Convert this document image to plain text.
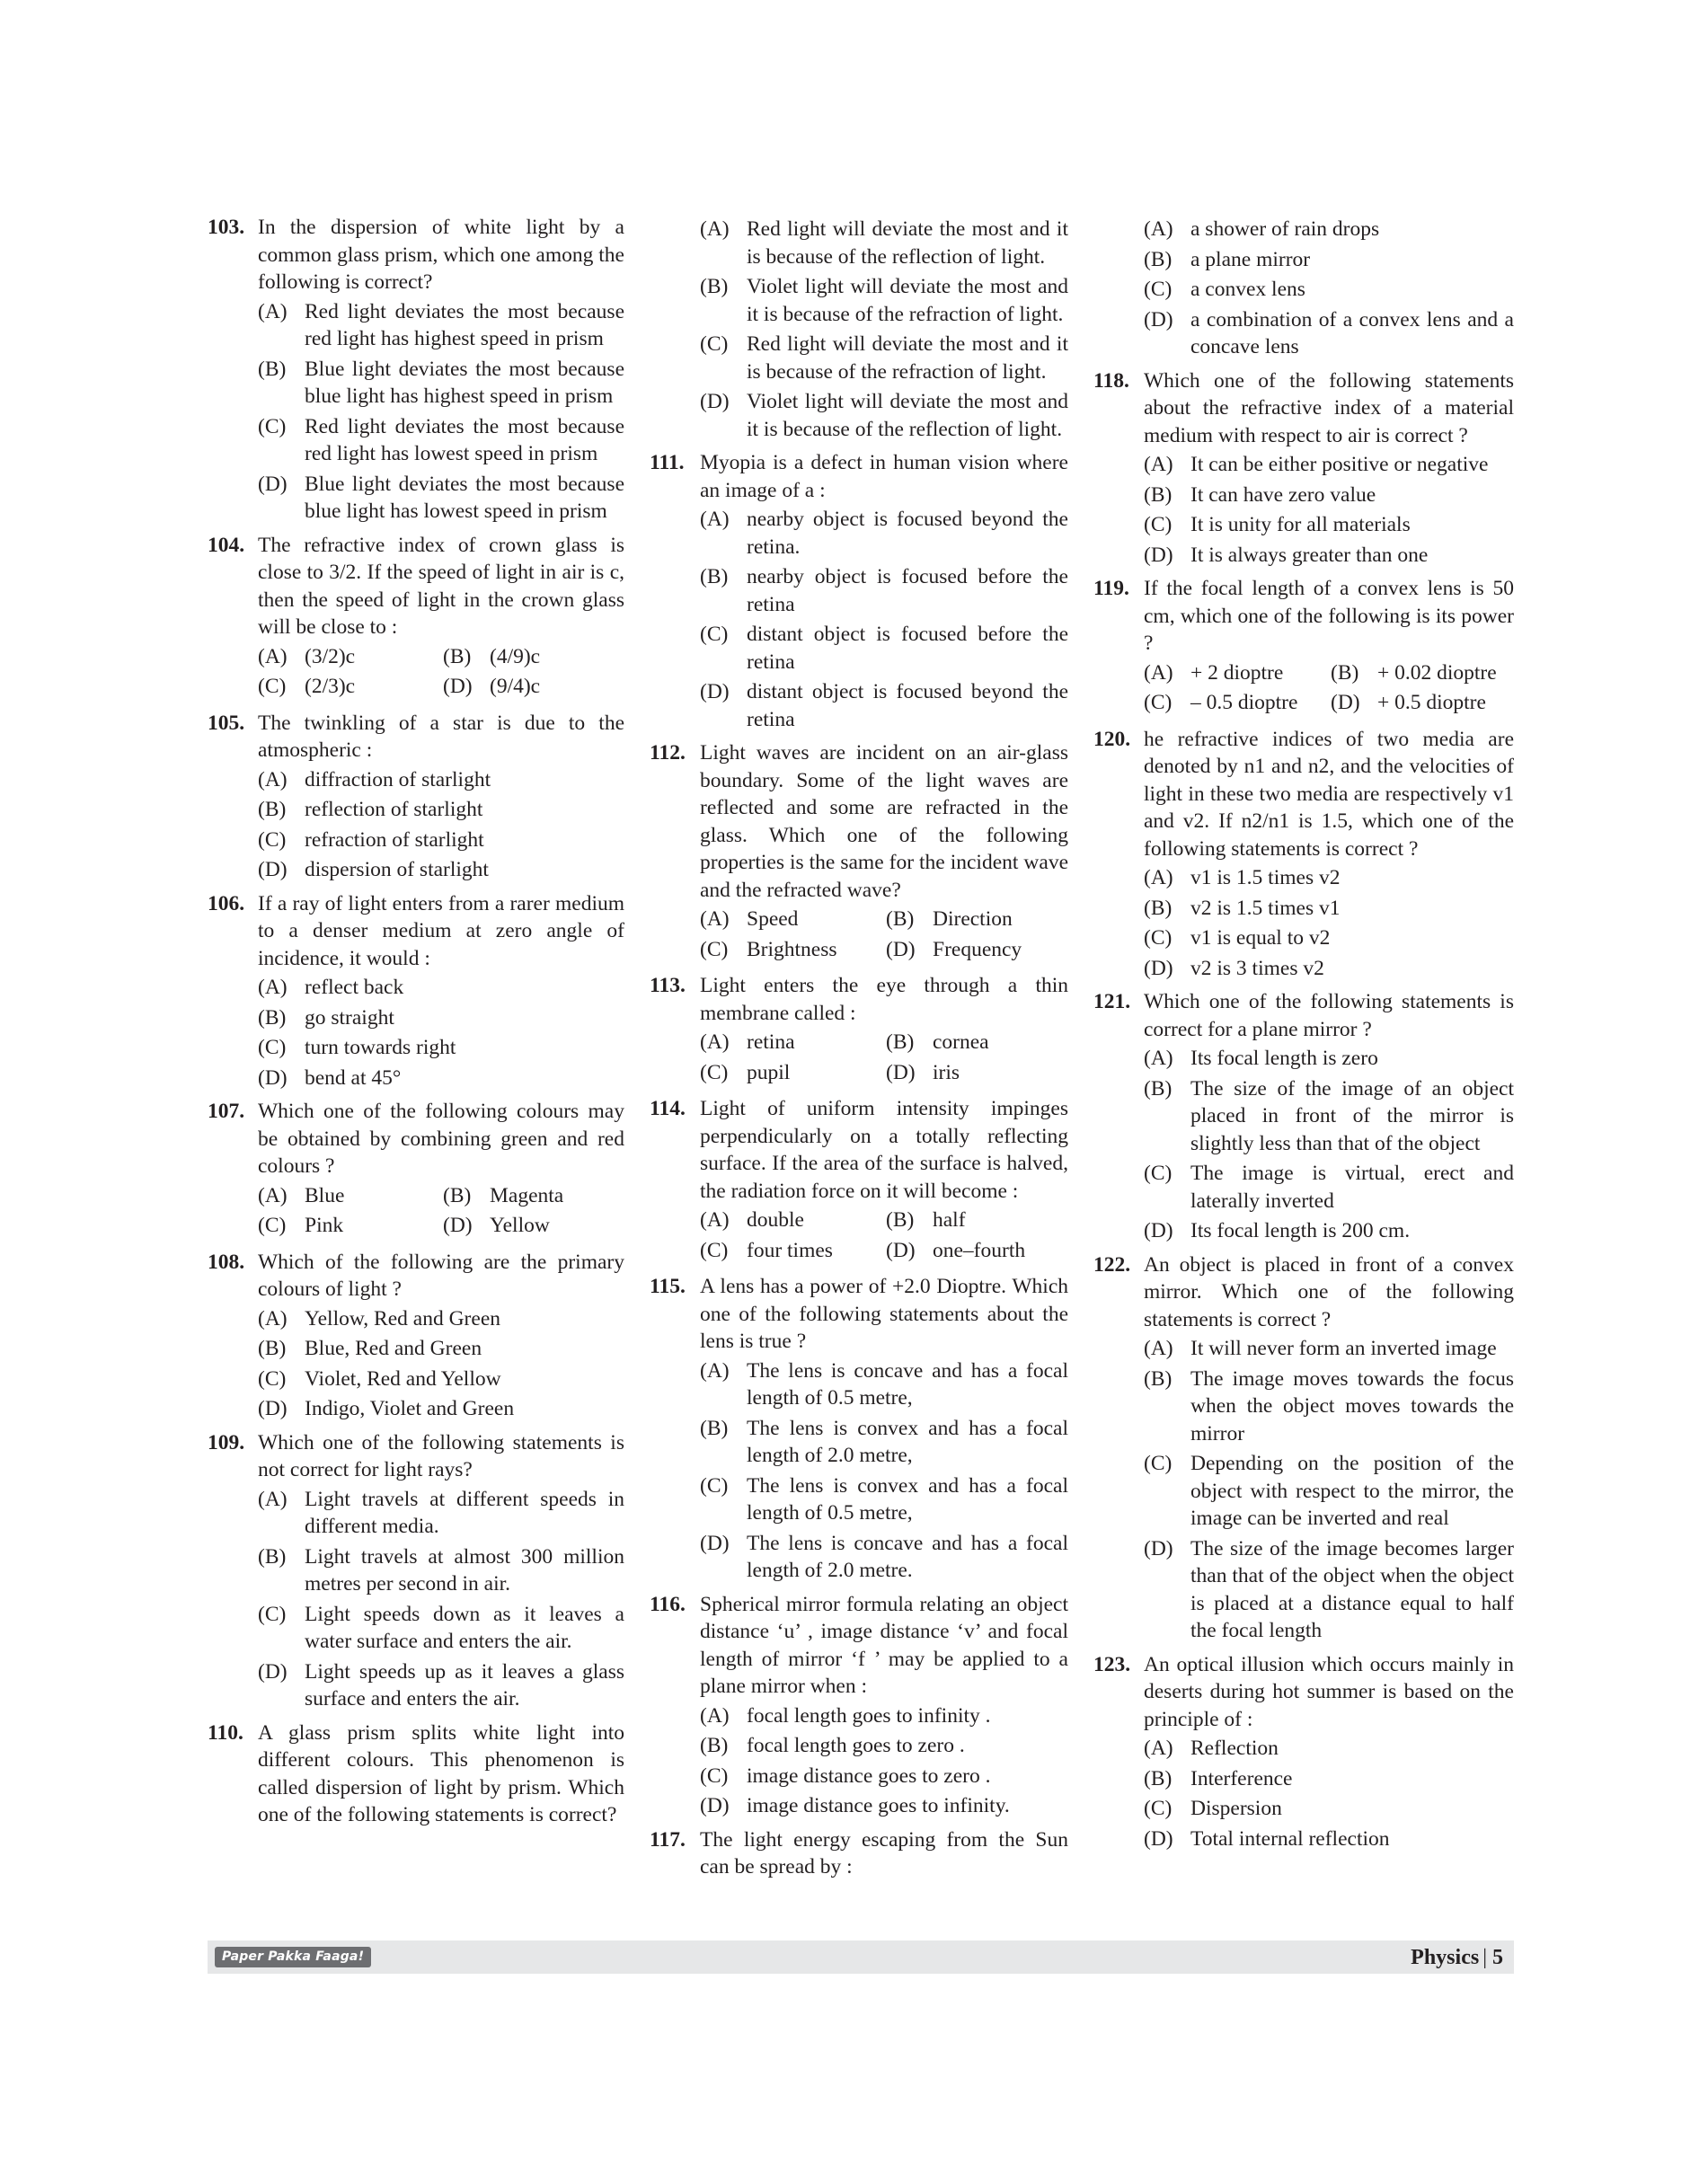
103. In the dispersion of white light by a common glass prism, which one among the following is correct?
(A) Red light deviates the most because red light has highest speed in prism
(B) Blue light deviates the most because blue light has highest speed in prism
(C) Red light deviates the most because red light has lowest speed in prism
(D) Blue light deviates the most because blue light has lowest speed in prism
104. The refractive index of crown glass is close to 3/2. If the speed of light in air is c, then the speed of light in the crown glass will be close to :
(A) (3/2)c	(B) (4/9)c
(C) (2/3)c	(D) (9/4)c
105. The twinkling of a star is due to the atmospheric :
(A) diffraction of starlight
(B) reflection of starlight
(C) refraction of starlight
(D) dispersion of starlight
106. If a ray of light enters from a rarer medium to a denser medium at zero angle of incidence, it would :
(A) reflect back
(B) go straight
(C) turn towards right
(D) bend at 45°
107. Which one of the following colours may be obtained by combining green and red colours ?
(A) Blue	(B) Magenta
(C) Pink	(D) Yellow
108. Which of the following are the primary colours of light ?
(A) Yellow, Red and Green
(B) Blue, Red and Green
(C) Violet, Red and Yellow
(D) Indigo, Violet and Green
109. Which one of the following statements is not correct for light rays?
(A) Light travels at different speeds in different media.
(B) Light travels at almost 300 million metres per second in air.
(C) Light speeds down as it leaves a water surface and enters the air.
(D) Light speeds up as it leaves a glass surface and enters the air.
110. A glass prism splits white light into different colours. This phenomenon is called dispersion of light by prism. Which one of the following statements is correct?
(A) Red light will deviate the most and it is because of the reflection of light.
(B) Violet light will deviate the most and it is because of the refraction of light.
(C) Red light will deviate the most and it is because of the refraction of light.
(D) Violet light will deviate the most and it is because of the reflection of light.
111. Myopia is a defect in human vision where an image of a :
(A) nearby object is focused beyond the retina.
(B) nearby object is focused before the retina
(C) distant object is focused before the retina
(D) distant object is focused beyond the retina
112. Light waves are incident on an air-glass boundary. Some of the light waves are reflected and some are refracted in the glass. Which one of the following properties is the same for the incident wave and the refracted wave?
(A) Speed	(B) Direction
(C) Brightness	(D) Frequency
113. Light enters the eye through a thin membrane called :
(A) retina	(B) cornea
(C) pupil	(D) iris
114. Light of uniform intensity impinges perpendicularly on a totally reflecting surface. If the area of the surface is halved, the radiation force on it will become :
(A) double	(B) half
(C) four times	(D) one–fourth
115. A lens has a power of +2.0 Dioptre. Which one of the following statements about the lens is true ?
(A) The lens is concave and has a focal length of 0.5 metre,
(B) The lens is convex and has a focal length of 2.0 metre,
(C) The lens is convex and has a focal length of 0.5 metre,
(D) The lens is concave and has a focal length of 2.0 metre.
116. Spherical mirror formula relating an object distance ‘u’ , image distance ‘v’ and focal length of mirror ‘f ’ may be applied to a plane mirror when :
(A) focal length goes to infinity .
(B) focal length goes to zero .
(C) image distance goes to zero .
(D) image distance goes to infinity.
117. The light energy escaping from the Sun can be spread by :
(A) a shower of rain drops
(B) a plane mirror
(C) a convex lens
(D) a combination of a convex lens and a concave lens
118. Which one of the following statements about the refractive index of a material medium with respect to air is correct ?
(A) It can be either positive or negative
(B) It can have zero value
(C) It is unity for all materials
(D) It is always greater than one
119. If the focal length of a convex lens is 50 cm, which one of the following is its power ?
(A) + 2 dioptre	(B) + 0.02 dioptre
(C) – 0.5 dioptre	(D) + 0.5 dioptre
120. he refractive indices of two media are denoted by n1 and n2, and the velocities of light in these two media are respectively v1 and v2. If n2/n1 is 1.5, which one of the following statements is correct ?
(A) v1 is 1.5 times v2
(B) v2 is 1.5 times v1
(C) v1 is equal to v2
(D) v2 is 3 times v2
121. Which one of the following statements is correct for a plane mirror ?
(A) Its focal length is zero
(B) The size of the image of an object placed in front of the mirror is slightly less than that of the object
(C) The image is virtual, erect and laterally inverted
(D) Its focal length is 200 cm.
122. An object is placed in front of a convex mirror. Which one of the following statements is correct ?
(A) It will never form an inverted image
(B) The image moves towards the focus when the object moves towards the mirror
(C) Depending on the position of the object with respect to the mirror, the image can be inverted and real
(D) The size of the image becomes larger than that of the object when the object is placed at a distance equal to half the focal length
123. An optical illusion which occurs mainly in deserts during hot summer is based on the principle of :
(A) Reflection
(B) Interference
(C) Dispersion
(D) Total internal reflection
Paper Pakka Faaga!	Physics | 5
